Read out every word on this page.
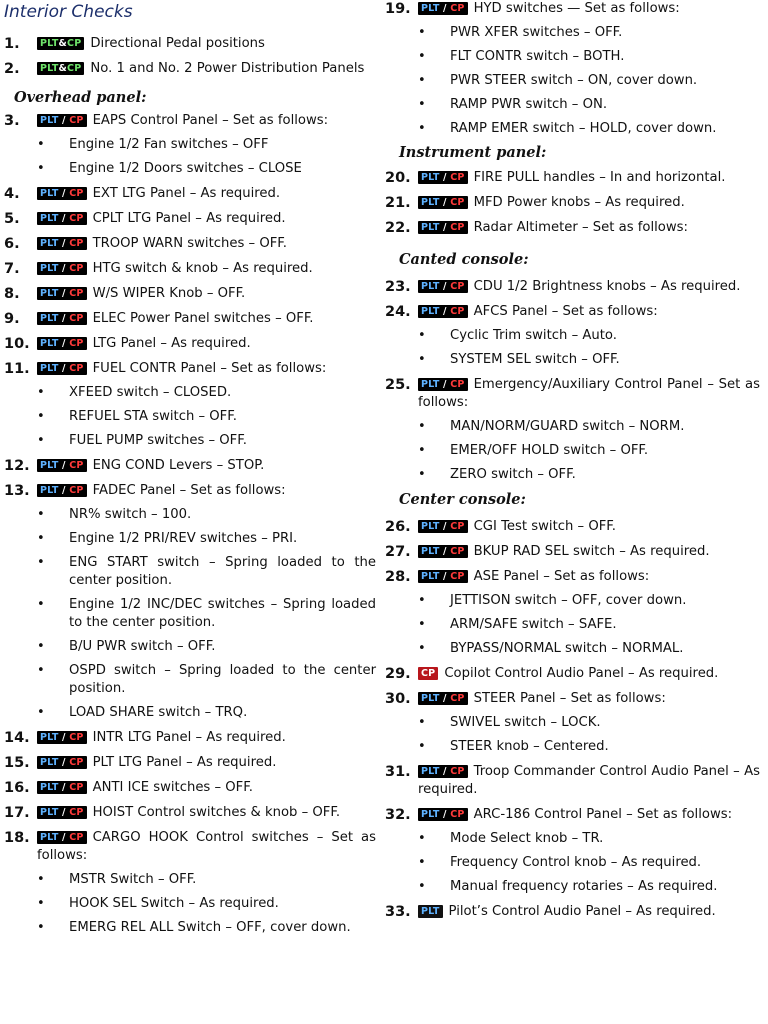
Interior Checks
1.	PLT&CP Directional Pedal positions
2.	PLT&CP No. 1 and No. 2 Power Distribution Panels
Overhead panel:
3.	PLT / CP EAPS Control Panel – Set as follows:
• Engine 1/2 Fan switches – OFF
• Engine 1/2 Doors switches – CLOSE
4.	PLT / CP EXT LTG Panel – As required.
5.	PLT / CP CPLT LTG Panel – As required.
6.	PLT / CP TROOP WARN switches – OFF.
7.	PLT / CP HTG switch & knob – As required.
8.	PLT / CP W/S WIPER Knob – OFF.
9.	PLT / CP ELEC Power Panel switches – OFF.
10.	PLT / CP LTG Panel – As required.
11.	PLT / CP FUEL CONTR Panel – Set as follows:
• XFEED switch – CLOSED.
• REFUEL STA switch – OFF.
• FUEL PUMP switches – OFF.
12.	PLT / CP ENG COND Levers – STOP.
13.	PLT / CP FADEC Panel – Set as follows:
• NR% switch – 100.
• Engine 1/2 PRI/REV switches – PRI.
• ENG START switch – Spring loaded to the center position.
• Engine 1/2 INC/DEC switches – Spring loaded to the center position.
• B/U PWR switch – OFF.
• OSPD switch – Spring loaded to the center position.
• LOAD SHARE switch – TRQ.
14.	PLT / CP INTR LTG Panel – As required.
15.	PLT / CP PLT LTG Panel – As required.
16.	PLT / CP ANTI ICE switches – OFF.
17.	PLT / CP HOIST Control switches & knob – OFF.
18.	PLT / CP CARGO HOOK Control switches – Set as follows:
• MSTR Switch – OFF.
• HOOK SEL Switch – As required.
• EMERG REL ALL Switch – OFF, cover down.
19.	PLT / CP HYD switches — Set as follows:
• PWR XFER switches – OFF.
• FLT CONTR switch – BOTH.
• PWR STEER switch – ON, cover down.
• RAMP PWR switch – ON.
• RAMP EMER switch – HOLD, cover down.
Instrument panel:
20.	PLT / CP FIRE PULL handles – In and horizontal.
21.	PLT / CP MFD Power knobs – As required.
22.	PLT / CP Radar Altimeter – Set as follows:
Canted console:
23.	PLT / CP CDU 1/2 Brightness knobs – As required.
24.	PLT / CP AFCS Panel – Set as follows:
• Cyclic Trim switch – Auto.
• SYSTEM SEL switch – OFF.
25.	PLT / CP Emergency/Auxiliary Control Panel – Set as follows:
• MAN/NORM/GUARD switch – NORM.
• EMER/OFF HOLD switch – OFF.
• ZERO switch – OFF.
Center console:
26.	PLT / CP CGI Test switch – OFF.
27.	PLT / CP BKUP RAD SEL switch – As required.
28.	PLT / CP ASE Panel – Set as follows:
• JETTISON switch – OFF, cover down.
• ARM/SAFE switch – SAFE.
• BYPASS/NORMAL switch – NORMAL.
29.	CP Copilot Control Audio Panel – As required.
30.	PLT / CP STEER Panel – Set as follows:
• SWIVEL switch – LOCK.
• STEER knob – Centered.
31.	PLT / CP Troop Commander Control Audio Panel – As required.
32.	PLT / CP ARC-186 Control Panel – Set as follows:
• Mode Select knob – TR.
• Frequency Control knob – As required.
• Manual frequency rotaries – As required.
33.	PLT Pilot’s Control Audio Panel – As required.
